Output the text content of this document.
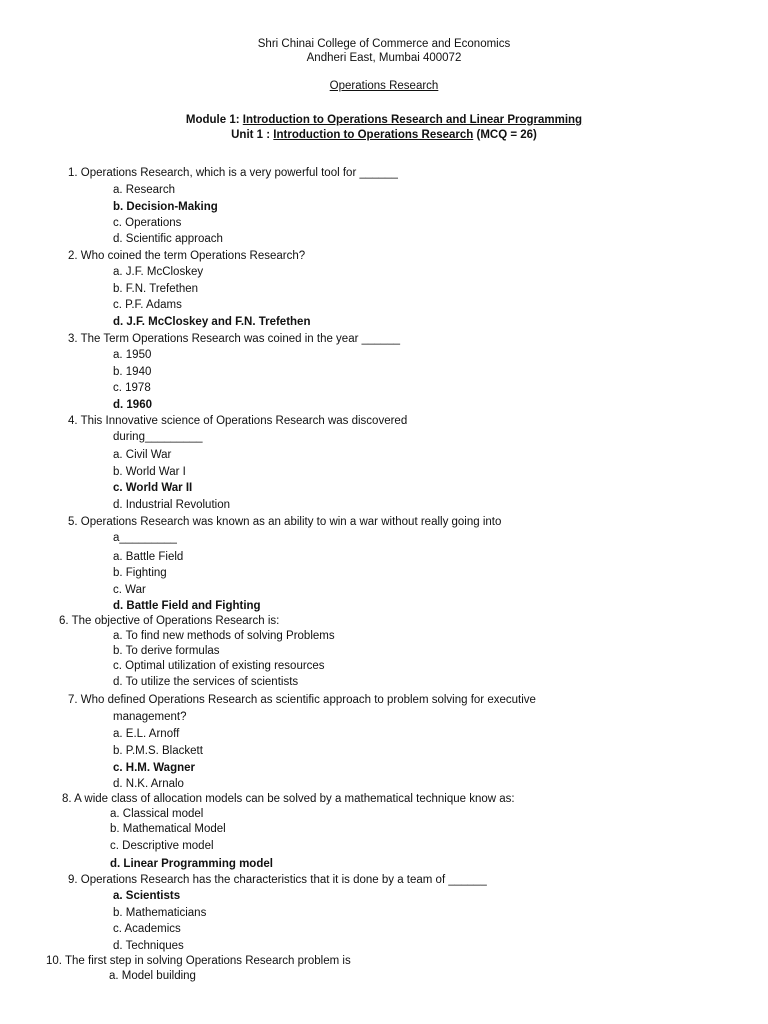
Shri Chinai College of Commerce and Economics
Andheri East, Mumbai 400072
Operations Research
Module 1: Introduction to Operations Research and Linear Programming
Unit 1 : Introduction to Operations Research (MCQ = 26)
1. Operations Research, which is a very powerful tool for ______
a. Research
b. Decision-Making
c. Operations
d. Scientific approach
2. Who coined the term Operations Research?
a. J.F. McCloskey
b. F.N. Trefethen
c. P.F. Adams
d. J.F. McCloskey and F.N. Trefethen
3. The Term Operations Research was coined in the year ______
a. 1950
b. 1940
c. 1978
d. 1960
4. This Innovative science of Operations Research was discovered
during_________
a. Civil War
b. World War I
c. World War II
d. Industrial Revolution
5. Operations Research was known as an ability to win a war without really going into
a_________
a. Battle Field
b. Fighting
c. War
d. Battle Field and Fighting
6. The objective of Operations Research is:
a. To find new methods of solving Problems
b. To derive formulas
c. Optimal utilization of existing resources
d. To utilize the services of scientists
7. Who defined Operations Research as scientific approach to problem solving for executive
management?
a. E.L. Arnoff
b. P.M.S. Blackett
c. H.M. Wagner
d. N.K. Arnalo
8. A wide class of allocation models can be solved by a mathematical technique know as:
a. Classical model
b. Mathematical Model
c. Descriptive model
d. Linear Programming model
9. Operations Research has the characteristics that it is done by a team of ______
a. Scientists
b. Mathematicians
c. Academics
d. Techniques
10. The first step in solving Operations Research problem is
a. Model building
